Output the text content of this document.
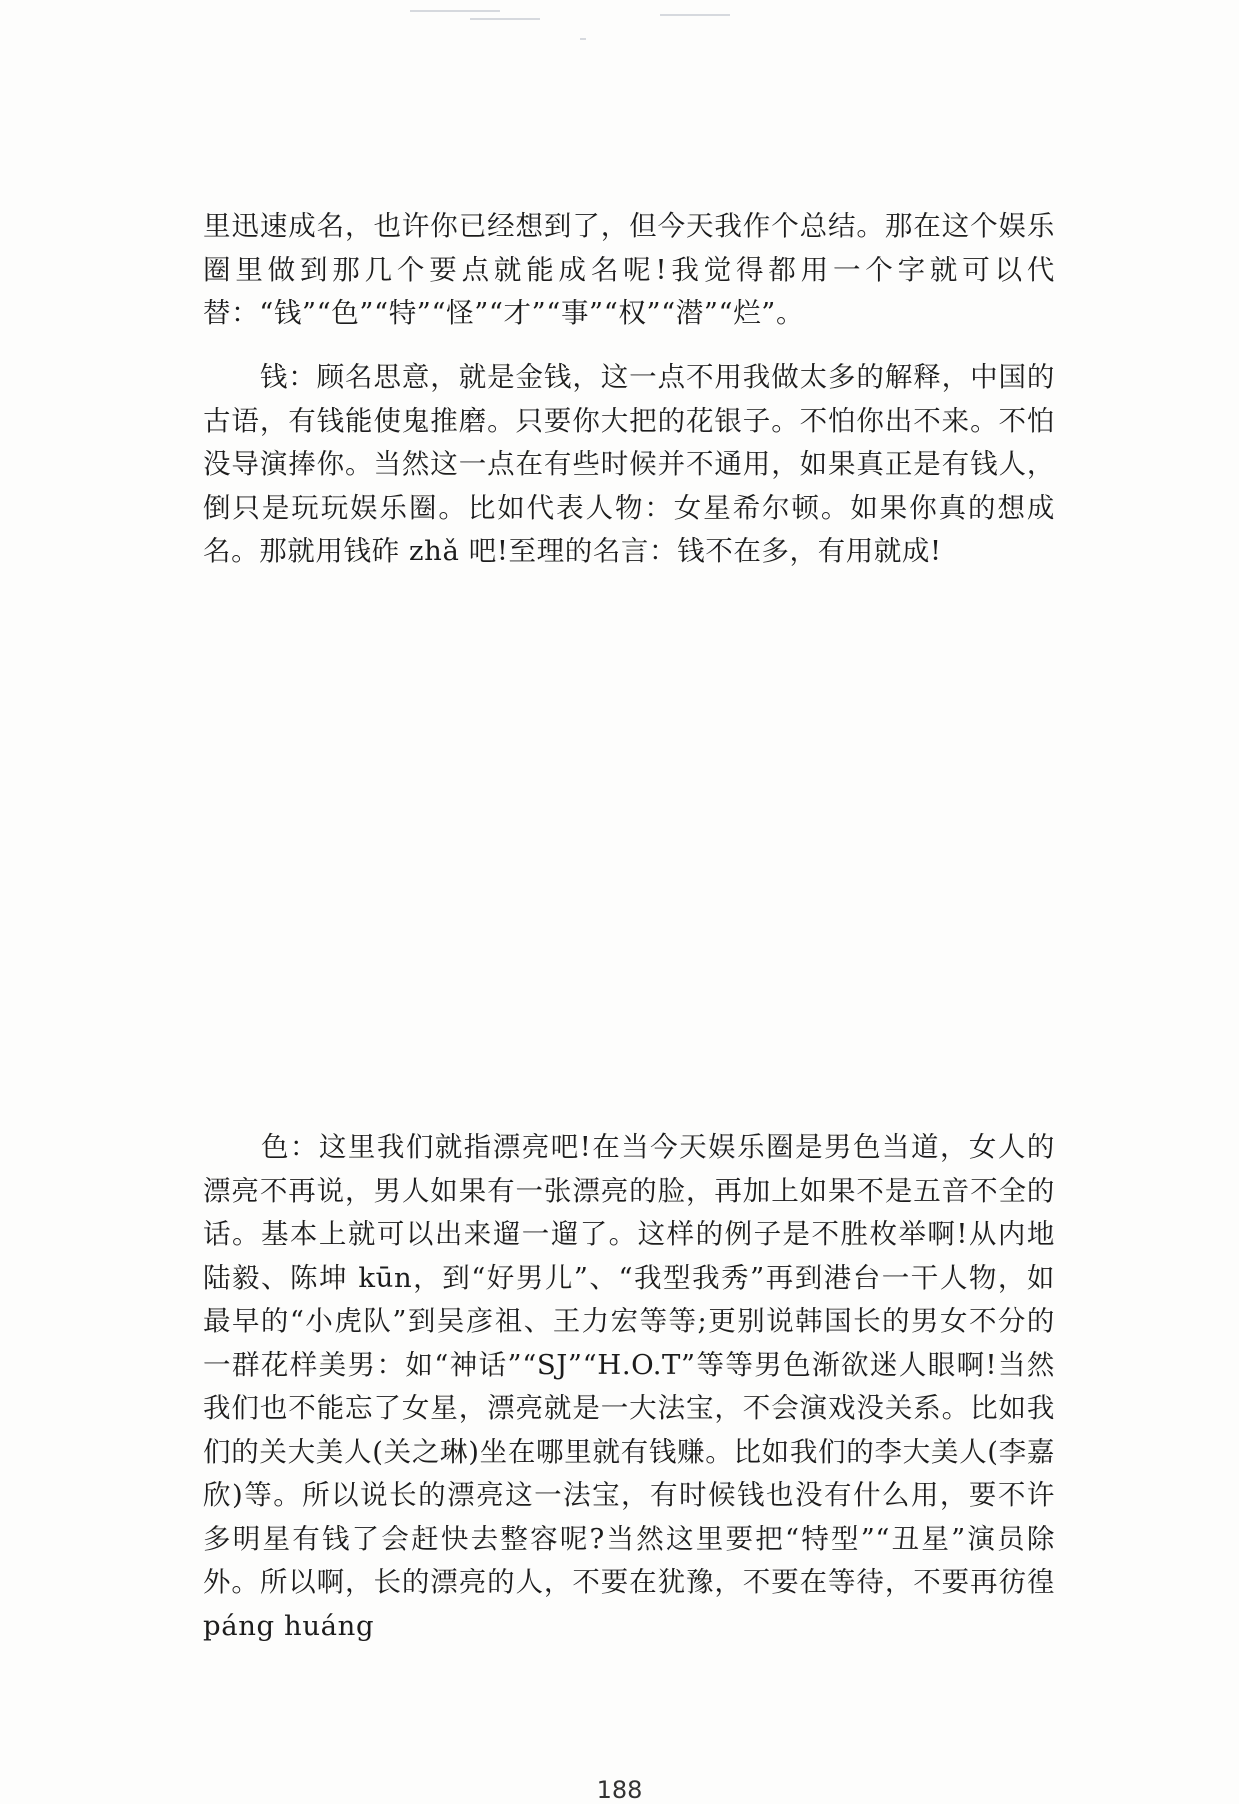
里迅速成名，也许你已经想到了，但今天我作个总结。那在这个娱乐圈里做到那几个要点就能成名呢!我觉得都用一个字就可以代替：“钱”“色”“特”“怪”“才”“事”“权”“潜”“烂”。

　　钱：顾名思意，就是金钱，这一点不用我做太多的解释，中国的古语，有钱能使鬼推磨。只要你大把的花银子。不怕你出不来。不怕没导演捧你。当然这一点在有些时候并不通用，如果真正是有钱人，倒只是玩玩娱乐圈。比如代表人物：女星希尔顿。如果你真的想成名。那就用钱砟 zhǎ 吧!至理的名言：钱不在多，有用就成!

　　色：这里我们就指漂亮吧!在当今天娱乐圈是男色当道，女人的漂亮不再说，男人如果有一张漂亮的脸，再加上如果不是五音不全的话。基本上就可以出来遛一遛了。这样的例子是不胜枚举啊!从内地陆毅、陈坤 kūn，到“好男儿”、“我型我秀”再到港台一干人物，如最早的“小虎队”到吴彦祖、王力宏等等;更别说韩国长的男女不分的一群花样美男：如“神话”“SJ”“H.O.T”等等男色渐欲迷人眼啊!当然我们也不能忘了女星，漂亮就是一大法宝，不会演戏没关系。比如我们的关大美人(关之琳)坐在哪里就有钱赚。比如我们的李大美人(李嘉欣)等。所以说长的漂亮这一法宝，有时候钱也没有什么用，要不许多明星有钱了会赶快去整容呢?当然这里要把“特型”“丑星”演员除外。所以啊，长的漂亮的人，不要在犹豫，不要在等待，不要再彷徨 páng huáng

188
